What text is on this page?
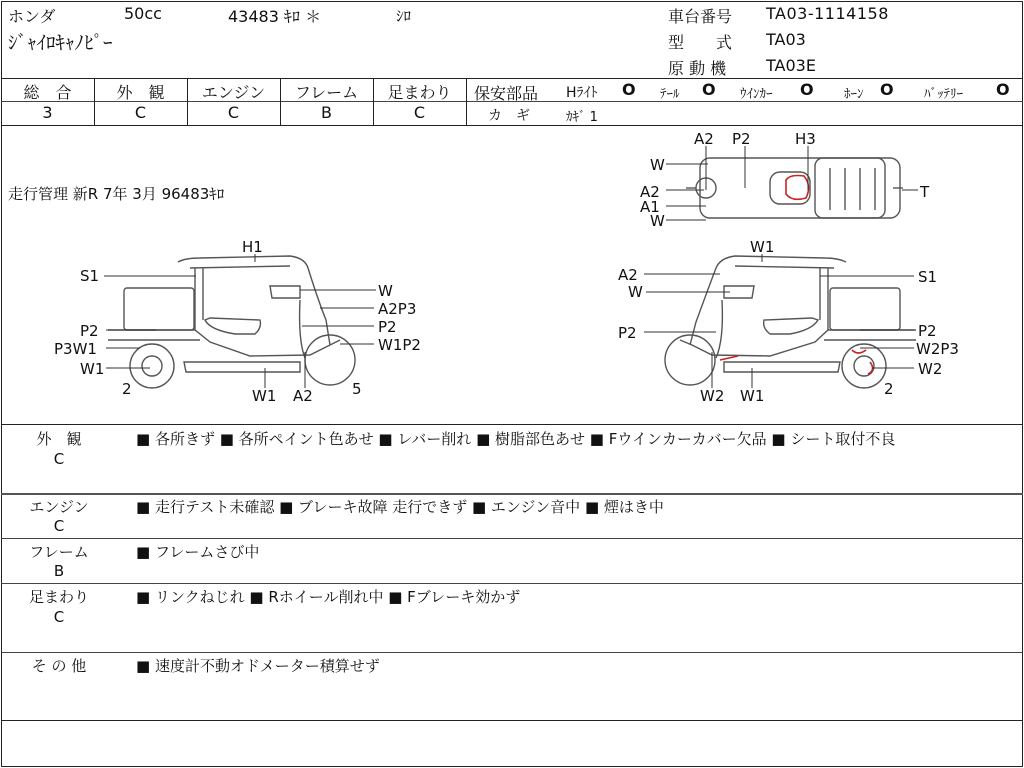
ホンダ	50cc	43483 ｷﾛ ＊	ｼﾛ
ｼﾞｬｲﾛｷｬﾉﾋﾟｰ
車台番号 TA03-1114158
型　　式 TA03
原 動 機 TA03E
総　合
3
外　観
C
エンジン
C
フレーム
B
足まわり
C
保安部品 Hﾗｲﾄ O ﾃｰﾙ O ｳｲﾝｶｰ O ﾎｰﾝ O ﾊﾞｯﾃﾘｰ O
カ　ギ	ｶｷﾞ 1
走行管理 新R 7年 3月 96483ｷﾛ
H1
S1
W
A2P3
P2
W1P2
P2
P3W1
W1
2	W1 A2	5
W1
A2	S1
W
P2	P2
W2P3
W2
2
W2 W1
A2 P2	H3
W
A2
A1
W
T
外　観
C
■ 各所きず ■ 各所ペイント色あせ ■ レバー削れ ■ 樹脂部色あせ ■ Fウインカーカバー欠品 ■ シート取付不良
エンジン
C
■ 走行テスト未確認 ■ ブレーキ故障 走行できず ■ エンジン音中 ■ 煙はき中
フレーム
B
■ フレームさび中
足まわり
C
■ リンクねじれ ■ Rホイール削れ中 ■ Fブレーキ効かず
そ の 他	■ 速度計不動オドメーター積算せず
